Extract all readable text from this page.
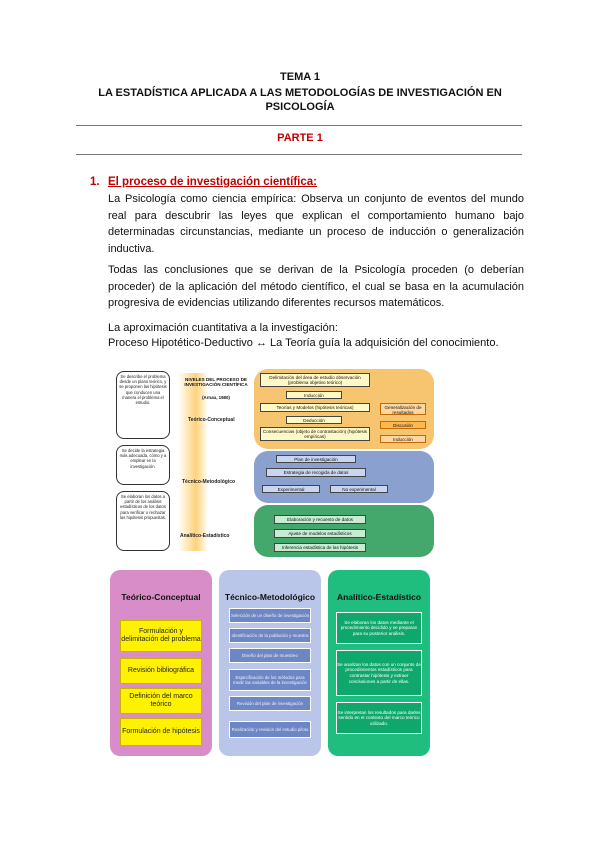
TEMA 1
LA ESTADÍSTICA APLICADA A LAS METODOLOGÍAS DE INVESTIGACIÓN EN
PSICOLOGÍA
PARTE 1
1. El proceso de investigación científica:
La Psicología como ciencia empírica: Observa un conjunto de eventos del mundo real para descubrir las leyes que explican el comportamiento humano bajo determinadas circunstancias, mediante un proceso de inducción o generalización inductiva.
Todas las conclusiones que se derivan de la Psicología proceden (o deberían proceder) de la aplicación del método científico, el cual se basa en la acumulación progresiva de evidencias utilizando diferentes recursos matemáticos.
La aproximación cuantitativa a la investigación:
Proceso Hipotético-Deductivo ↔ La Teoría guía la adquisición del conocimiento.
Se describe el problema desde un plano teórico, y se proponen las hipótesis que conducen una manera el problema el estudio.
Se decide la estrategia más adecuada, cómo y a emplear en la investigación.
Se elaboran los datos a partir de los análisis estadísticos de los datos para verificar o rechazar las hipótesis propuestas.
NIVELES DEL PROCESO DE INVESTIGACIÓN CIENTÍFICA
(Arnau, 1980)
Teórico-Conceptual
Técnico-Metodológico
Analítico-Estadístico
Delimitación del área de estudio observación (problema objetivo teórico)
Inducción
Teorías y Modelos (hipótesis teóricas)
Deducción
Consecuencias (objeto de contrastación) (hipótesis empíricas)
Generalización de resultados
Discusión
Inducción
Plan de investigación
Estrategia de recogida de datos
Experimental	No experimental
Elaboración y recuento de datos
Ajuste de modelos estadísticos
Inferencia estadística de las hipótesis
Teórico-Conceptual
Formulación y delimitación del problema
Revisión bibliográfica
Definición del marco teórico
Formulación de hipótesis
Técnico-Metodológico
Selección de un diseño de investigación
Identificación de la población y muestra
Diseño del plan de muestreo
Especificación de los métodos para medir las variables de la investigación
Revisión del plan de investigación
Realización y revisión del estudio piloto
Analítico-Estadístico
Se elaboran los datos mediante el procedimiento decidido y se preparan para su posterior análisis.
Se analizan los datos con un conjunto de procedimientos estadísticos para contrastar hipótesis y extraer conclusiones a partir de ellas.
Se interpretan los resultados para darles sentido en el contexto del marco teórico utilizado.
